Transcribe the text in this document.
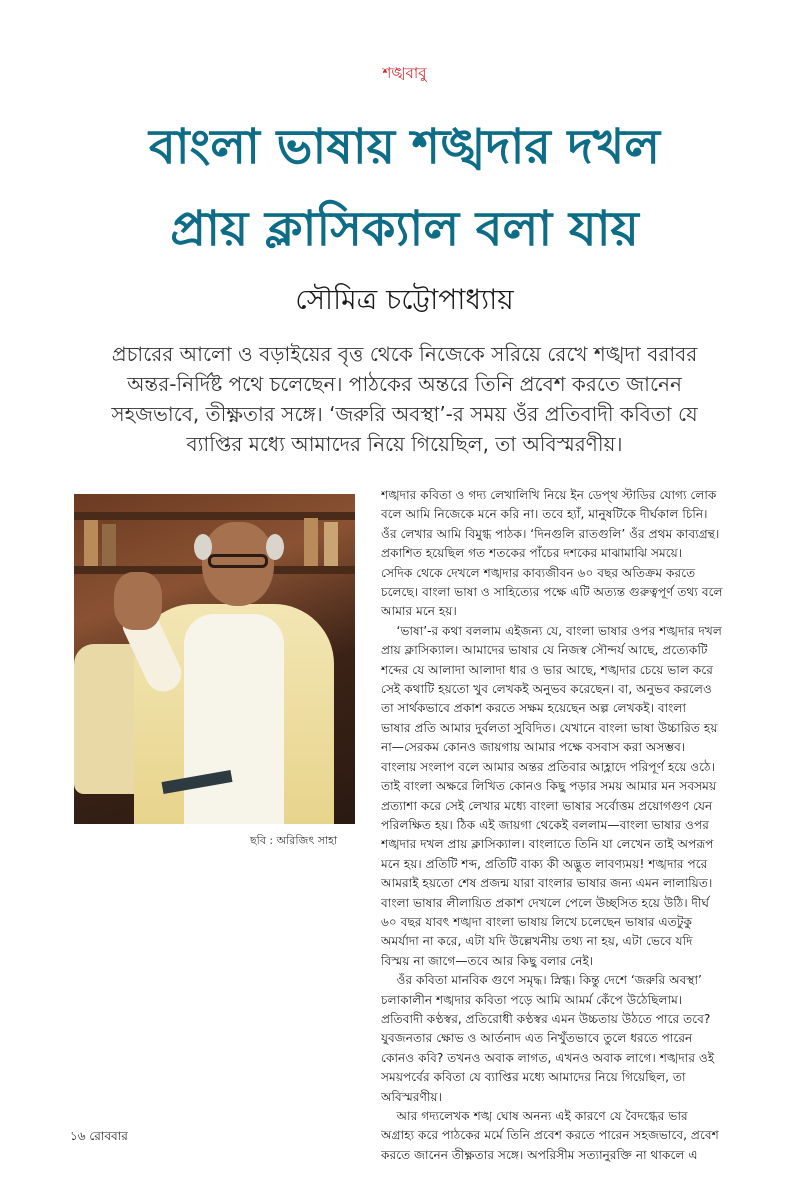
শঙ্খবাবু
বাংলা ভাষায় শঙ্খদার দখল
প্রায় ক্লাসিক্যাল বলা যায়
সৌমিত্র চট্টোপাধ্যায়

প্রচারের আলো ও বড়াইয়ের বৃত্ত থেকে নিজেকে সরিয়ে রেখে শঙ্খদা বরাবর

অন্তর-নির্দিষ্ট পথে চলেছেন। পাঠকের অন্তরে তিনি প্রবেশ করতে জানেন

সহজভাবে, তীক্ষ্ণতার সঙ্গে। ‘জরুরি অবস্থা’-র সময় ওঁর প্রতিবাদী কবিতা যে

ব্যাপ্তির মধ্যে আমাদের নিয়ে গিয়েছিল, তা অবিস্মরণীয়।

ছবি : অরিজিৎ সাহা

শঙ্খদার কবিতা ও গদ্য লেখালিখি নিয়ে ইন ডেপ্থ স্টাডির যোগ্য লোক

বলে আমি নিজেকে মনে করি না। তবে হ্যাঁ, মানুষটিকে দীর্ঘকাল চিনি।

ওঁর লেখার আমি বিমুগ্ধ পাঠক। ‘দিনগুলি রাতগুলি’ ওঁর প্রথম কাব্যগ্রন্থ।

প্রকাশিত হয়েছিল গত শতকের পাঁচের দশকের মাঝামাঝি সময়ে।

সেদিক থেকে দেখলে শঙ্খদার কাব্যজীবন ৬০ বছর অতিক্রম করতে

চলেছে। বাংলা ভাষা ও সাহিত্যের পক্ষে এটি অত্যন্ত গুরুত্বপূর্ণ তথ্য বলে

আমার মনে হয়।

‘ভাষা’-র কথা বললাম এইজন্য যে, বাংলা ভাষার ওপর শঙ্খদার দখল

প্রায় ক্লাসিক্যাল। আমাদের ভাষার যে নিজস্ব সৌন্দর্য আছে, প্রত্যেকটি

শব্দের যে আলাদা আলাদা ধার ও ভার আছে, শঙ্খদার চেয়ে ভাল করে

সেই কথাটি হয়তো খুব লেখকই অনুভব করেছেন। বা, অনুভব করলেও

তা সার্থকভাবে প্রকাশ করতে সক্ষম হয়েছেন অল্প লেখকই। বাংলা

ভাষার প্রতি আমার দুর্বলতা সুবিদিত। যেখানে বাংলা ভাষা উচ্চারিত হয়

না—সেরকম কোনও জায়গায় আমার পক্ষে বসবাস করা অসম্ভব।

বাংলায় সংলাপ বলে আমার অন্তর প্রতিবার আহ্লাদে পরিপূর্ণ হয়ে ওঠে।

তাই বাংলা অক্ষরে লিখিত কোনও কিছু পড়ার সময় আমার মন সবসময়

প্রত্যাশা করে সেই লেখার মধ্যে বাংলা ভাষার সর্বোত্তম প্রয়োগগুণ যেন

পরিলক্ষিত হয়। ঠিক এই জায়গা থেকেই বললাম—বাংলা ভাষার ওপর

শঙ্খদার দখল প্রায় ক্লাসিক্যাল। বাংলাতে তিনি যা লেখেন তাই অপরূপ

মনে হয়। প্রতিটি শব্দ, প্রতিটি বাক্য কী অদ্ভুত লাবণ্যময়! শঙ্খদার পরে

আমরাই হয়তো শেষ প্রজন্ম যারা বাংলার ভাষার জন্য এমন লালায়িত।

বাংলা ভাষার লীলায়িত প্রকাশ দেখলে পেলে উচ্ছসিত হয়ে উঠি। দীর্ঘ

৬০ বছর যাবৎ শঙ্খদা বাংলা ভাষায় লিখে চলেছেন ভাষার এতটুকু

অমর্যাদা না করে, এটা যদি উল্লেখনীয় তথ্য না হয়, এটা ভেবে যদি

বিস্ময় না জাগে—তবে আর কিছু বলার নেই।

ওঁর কবিতা মানবিক গুণে সমৃদ্ধ। স্নিগ্ধ। কিন্তু দেশে ‘জরুরি অবস্থা’

চলাকালীন শঙ্খদার কবিতা পড়ে আমি আমর্ম কেঁপে উঠেছিলাম।

প্রতিবাদী কণ্ঠস্বর, প্রতিরোধী কণ্ঠস্বর এমন উচ্চতায় উঠতে পারে তবে?

যুবজনতার ক্ষোভ ও আর্তনাদ এত নিখুঁতভাবে তুলে ধরতে পারেন

কোনও কবি? তখনও অবাক লাগত, এখনও অবাক লাগে। শঙ্খদার ওই

সময়পর্বের কবিতা যে ব্যাপ্তির মধ্যে আমাদের নিয়ে গিয়েছিল, তা

অবিস্মরণীয়।

আর গদ্যলেখক শঙ্খ ঘোষ অনন্য এই কারণে যে বৈদগ্ধের ভার

অগ্রাহ্য করে পাঠকের মর্মে তিনি প্রবেশ করতে পারেন সহজভাবে, প্রবেশ

করতে জানেন তীক্ষ্ণতার সঙ্গে। অপরিসীম সত্যানুরক্তি না থাকলে এ

১৬ রোববার
